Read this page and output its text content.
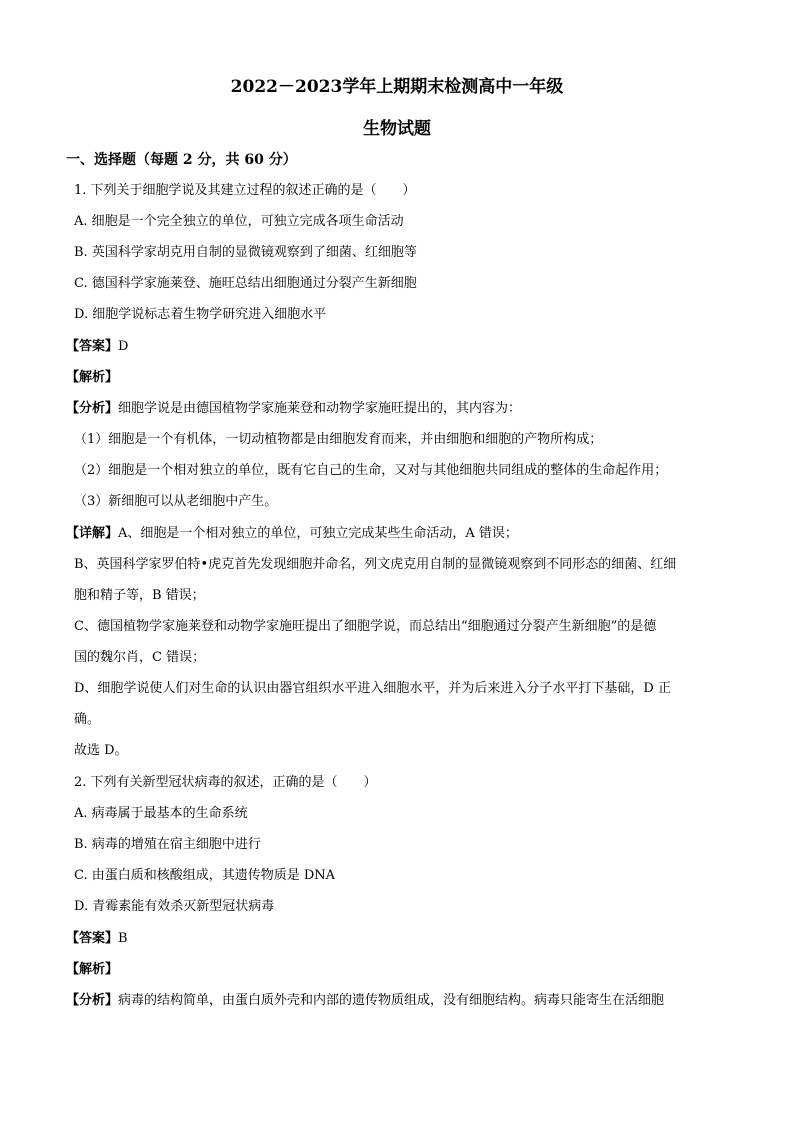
2022－2023学年上期期末检测高中一年级
生物试题
一、选择题（每题 2 分，共 60 分）
1. 下列关于细胞学说及其建立过程的叙述正确的是（　　）
A. 细胞是一个完全独立的单位，可独立完成各项生命活动
B. 英国科学家胡克用自制的显微镜观察到了细菌、红细胞等
C. 德国科学家施莱登、施旺总结出细胞通过分裂产生新细胞
D. 细胞学说标志着生物学研究进入细胞水平
【答案】D
【解析】
【分析】细胞学说是由德国植物学家施莱登和动物学家施旺提出的，其内容为：
（1）细胞是一个有机体，一切动植物都是由细胞发育而来，并由细胞和细胞的产物所构成；
（2）细胞是一个相对独立的单位，既有它自己的生命，又对与其他细胞共同组成的整体的生命起作用；
（3）新细胞可以从老细胞中产生。
【详解】A、细胞是一个相对独立的单位，可独立完成某些生命活动，A 错误；
B、英国科学家罗伯特•虎克首先发现细胞并命名，列文虎克用自制的显微镜观察到不同形态的细菌、红细
胞和精子等，B 错误；
C、德国植物学家施莱登和动物学家施旺提出了细胞学说，而总结出“细胞通过分裂产生新细胞”的是德
国的魏尔肖，C 错误；
D、细胞学说使人们对生命的认识由器官组织水平进入细胞水平，并为后来进入分子水平打下基础，D 正
确。
故选 D。
2. 下列有关新型冠状病毒的叙述，正确的是（　　）
A. 病毒属于最基本的生命系统
B. 病毒的增殖在宿主细胞中进行
C. 由蛋白质和核酸组成，其遗传物质是 DNA
D. 青霉素能有效杀灭新型冠状病毒
【答案】B
【解析】
【分析】病毒的结构简单，由蛋白质外壳和内部的遗传物质组成，没有细胞结构。病毒只能寄生在活细胞
